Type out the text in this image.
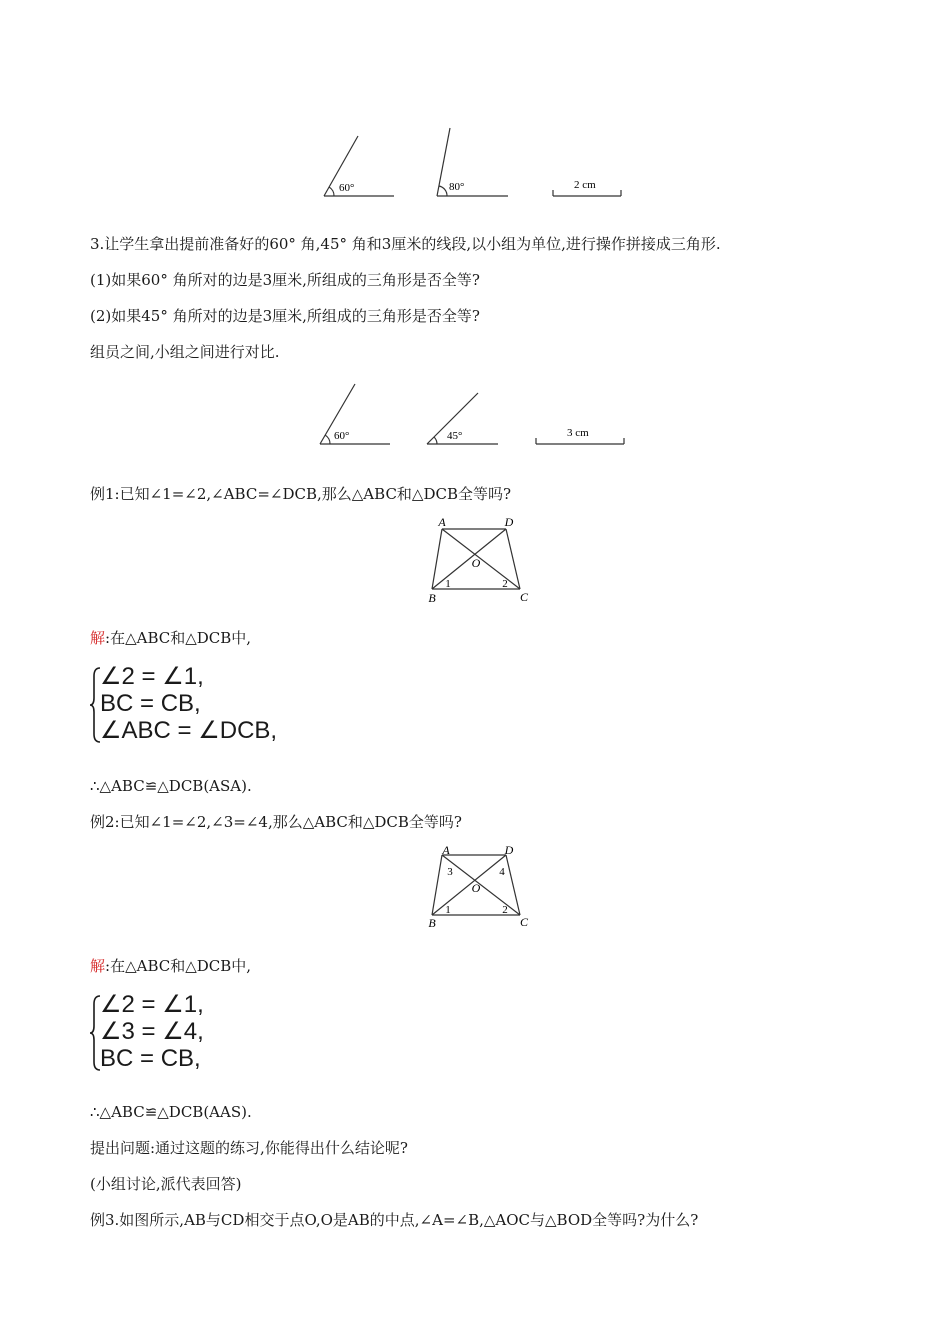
60°	80°	2 cm
3.让学生拿出提前准备好的60° 角,45° 角和3厘米的线段,以小组为单位,进行操作拼接成三角形.
(1)如果60° 角所对的边是3厘米,所组成的三角形是否全等?
(2)如果45° 角所对的边是3厘米,所组成的三角形是否全等?
组员之间,小组之间进行对比.
60°	45°	3 cm
例1:已知∠1=∠2,∠ABC=∠DCB,那么△ABC和△DCB全等吗?
A	D
O
B	C
1	2
解:在△ABC和△DCB中,
∠2 = ∠1,
BC = CB,
∠ABC = ∠DCB,
∴△ABC≌△DCB(ASA).
例2:已知∠1=∠2,∠3=∠4,那么△ABC和△DCB全等吗?
A	D
O
B	C
1	2
3	4
解:在△ABC和△DCB中,
∠2 = ∠1,
∠3 = ∠4,
BC = CB,
∴△ABC≌△DCB(AAS).
提出问题:通过这题的练习,你能得出什么结论呢?
(小组讨论,派代表回答)
例3.如图所示,AB与CD相交于点O,O是AB的中点,∠A=∠B,△AOC与△BOD全等吗?为什么?
